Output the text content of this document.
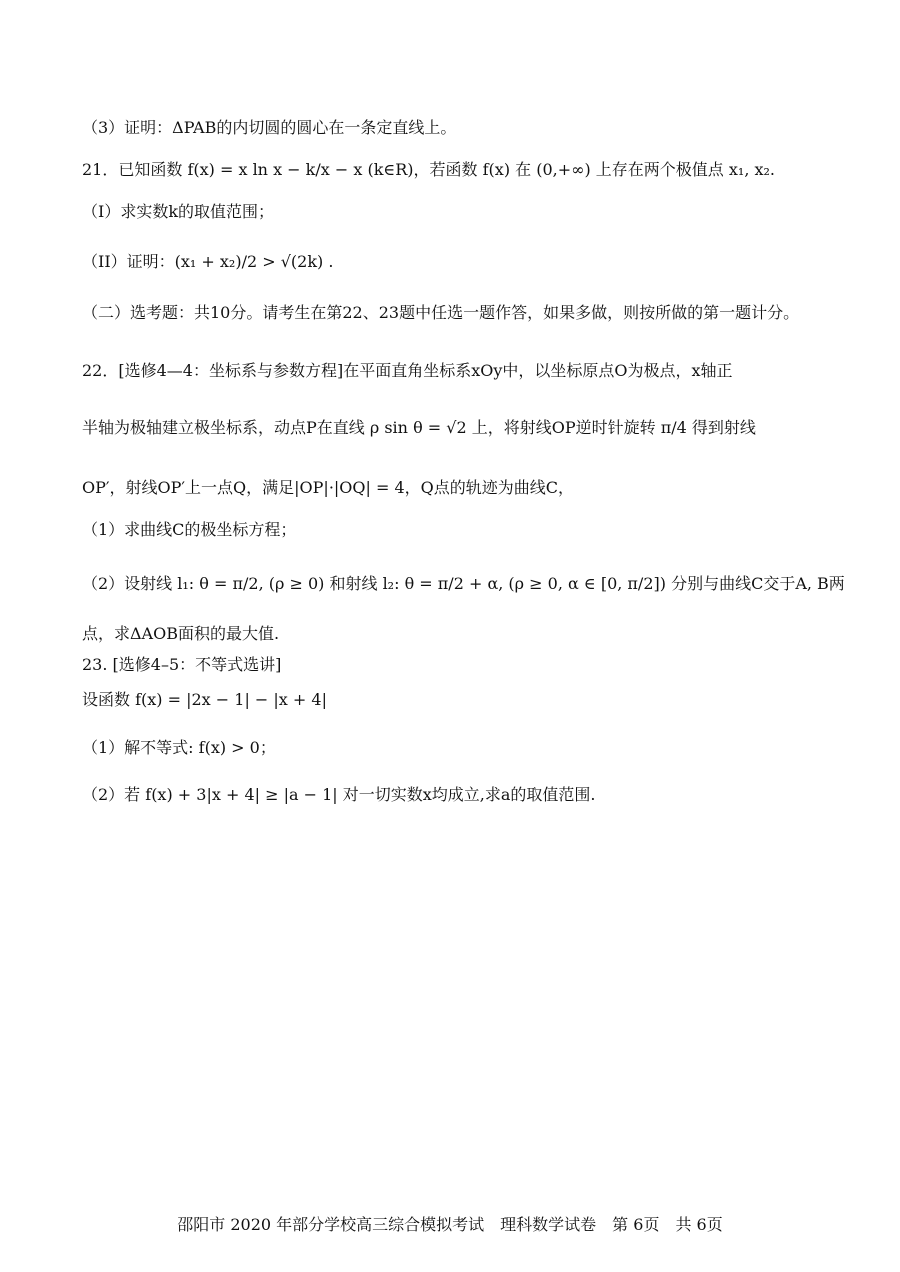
（3）证明：ΔPAB的内切圆的圆心在一条定直线上。
21．已知函数 f(x) = x ln x − k/x − x (k∈R)，若函数 f(x) 在 (0,+∞) 上存在两个极值点 x₁, x₂.
（I）求实数k的取值范围；
（II）证明：(x₁ + x₂)/2 > √(2k) .
（二）选考题：共10分。请考生在第22、23题中任选一题作答，如果多做，则按所做的第一题计分。
22．[选修4—4：坐标系与参数方程]在平面直角坐标系xOy中，以坐标原点O为极点，x轴正
半轴为极轴建立极坐标系，动点P在直线 ρ sin θ = √2 上，将射线OP逆时针旋转 π/4 得到射线
OP′，射线OP′上一点Q，满足|OP|·|OQ| = 4，Q点的轨迹为曲线C，
（1）求曲线C的极坐标方程；
（2）设射线 l₁: θ = π/2, (ρ ≥ 0) 和射线 l₂: θ = π/2 + α, (ρ ≥ 0, α ∈ [0, π/2]) 分别与曲线C交于A, B两
点，求ΔAOB面积的最大值.
23. [选修4–5：不等式选讲]
设函数 f(x) = |2x − 1| − |x + 4|
（1）解不等式: f(x) > 0；
（2）若 f(x) + 3|x + 4| ≥ |a − 1| 对一切实数x均成立,求a的取值范围.
邵阳市 2020 年部分学校高三综合模拟考试　理科数学试卷　第 6页　共 6页
